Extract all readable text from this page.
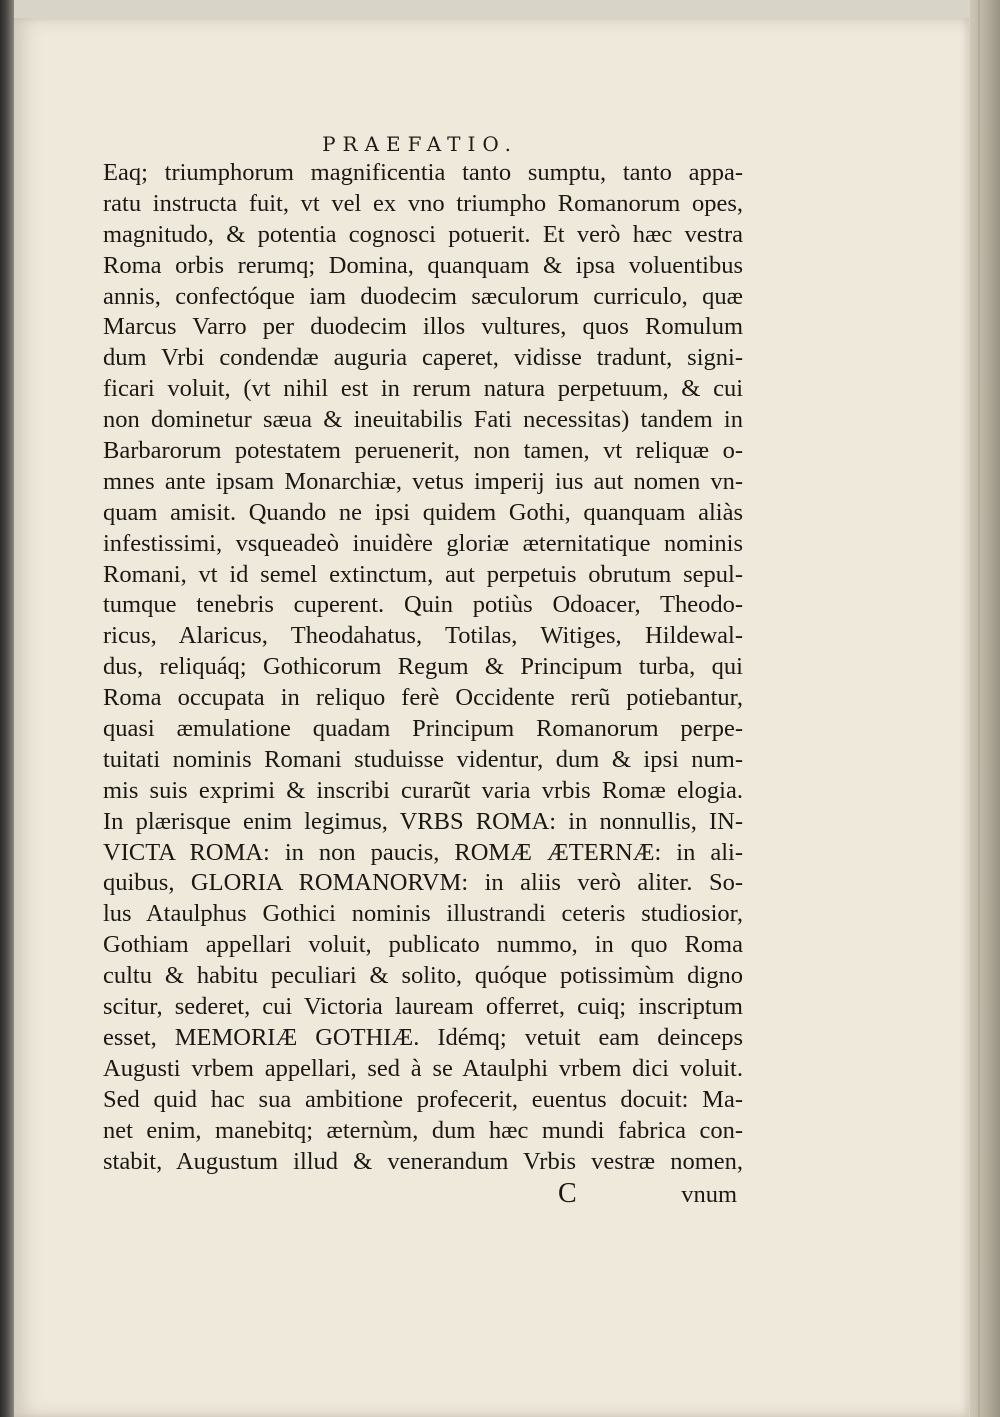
PRAEFATIO.
Eaq; triumphorum magnificentia tanto sumptu, tanto appa-
ratu instructa fuit, vt vel ex vno triumpho Romanorum opes,
magnitudo, & potentia cognosci potuerit. Et verò hæc vestra
Roma orbis rerumq; Domina, quanquam & ipsa voluentibus
annis, confectóque iam duodecim sæculorum curriculo, quæ
Marcus Varro per duodecim illos vultures, quos Romulum
dum Vrbi condendæ auguria caperet, vidisse tradunt, signi-
ficari voluit, (vt nihil est in rerum natura perpetuum, & cui
non dominetur sæua & ineuitabilis Fati necessitas) tandem in
Barbarorum potestatem peruenerit, non tamen, vt reliquæ o-
mnes ante ipsam Monarchiæ, vetus imperij ius aut nomen vn-
quam amisit. Quando ne ipsi quidem Gothi, quanquam aliàs
infestissimi, vsqueadeò inuidère gloriæ æternitatique nominis
Romani, vt id semel extinctum, aut perpetuis obrutum sepul-
tumque tenebris cuperent. Quin potiùs Odoacer, Theodo-
ricus, Alaricus, Theodahatus, Totilas, Witiges, Hildewal-
dus, reliquáq; Gothicorum Regum & Principum turba, qui
Roma occupata in reliquo ferè Occidente rerũ potiebantur,
quasi æmulatione quadam Principum Romanorum perpe-
tuitati nominis Romani studuisse videntur, dum & ipsi num-
mis suis exprimi & inscribi curarũt varia vrbis Romæ elogia.
In plærisque enim legimus, VRBS ROMA: in nonnullis, IN-
VICTA ROMA: in non paucis, ROMÆ ÆTERNÆ: in ali-
quibus, GLORIA ROMANORVM: in aliis verò aliter. So-
lus Ataulphus Gothici nominis illustrandi ceteris studiosior,
Gothiam appellari voluit, publicato nummo, in quo Roma
cultu & habitu peculiari & solito, quóque potissimùm digno
scitur, sederet, cui Victoria lauream offerret, cuiq; inscriptum
esset, MEMORIÆ GOTHIÆ. Idémq; vetuit eam deinceps
Augusti vrbem appellari, sed à se Ataulphi vrbem dici voluit.
Sed quid hac sua ambitione profecerit, euentus docuit: Ma-
net enim, manebitq; æternùm, dum hæc mundi fabrica con-
stabit, Augustum illud & venerandum Vrbis vestræ nomen,
C	vnum
